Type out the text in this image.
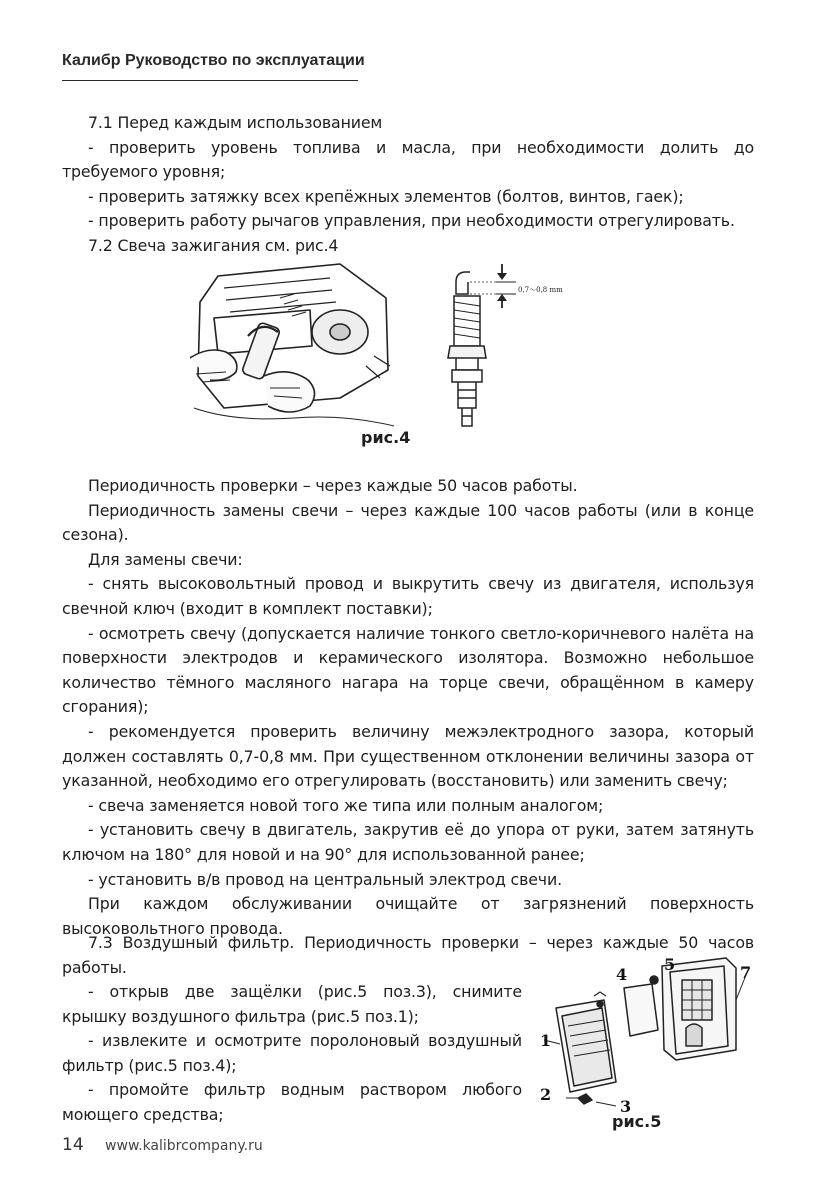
Калибр Руководство по эксплуатации

7.1 Перед каждым использованием

- проверить уровень топлива и масла, при необходимости долить до требуемого уровня;

- проверить затяжку всех крепёжных элементов (болтов, винтов, гаек);

- проверить работу рычагов управления, при необходимости отрегулировать.

7.2 Свеча зажигания см. рис.4

0,7～0,8 mm
рис.4

Периодичность проверки – через каждые 50 часов работы.

Периодичность замены свечи – через каждые 100 часов работы (или в конце сезона).

Для замены свечи:

- снять высоковольтный провод и выкрутить свечу из двигателя, используя свечной ключ (входит в комплект поставки);

- осмотреть свечу (допускается наличие тонкого светло-коричневого налёта на поверхности электродов и керамического изолятора. Возможно небольшое количество тёмного масляного нагара на торце свечи, обращённом в камеру сгорания);

- рекомендуется проверить величину межэлектродного зазора, который должен составлять 0,7-0,8 мм. При существенном отклонении величины зазора от указанной, необходимо его отрегулировать (восстановить) или заменить свечу;

- свеча заменяется новой того же типа или полным аналогом;

- установить свечу в двигатель, закрутив её до упора от руки, затем затянуть ключом на 180° для новой и на 90° для использованной ранее;

- установить в/в провод на центральный электрод свечи.

При каждом обслуживании очищайте от загрязнений поверхность высоковольтного провода.

7.3 Воздушный фильтр. Периодичность проверки – через каждые 50 часов работы.

- открыв две защёлки (рис.5 поз.3), снимите крышку воздушного фильтра (рис.5 поз.1);

- извлеките и осмотрите поролоновый воздушный фильтр (рис.5 поз.4);

- промойте фильтр водным раствором любого моющего средства;

1
2
3
4
5	7
рис.5
14 www.kalibrcompany.ru
